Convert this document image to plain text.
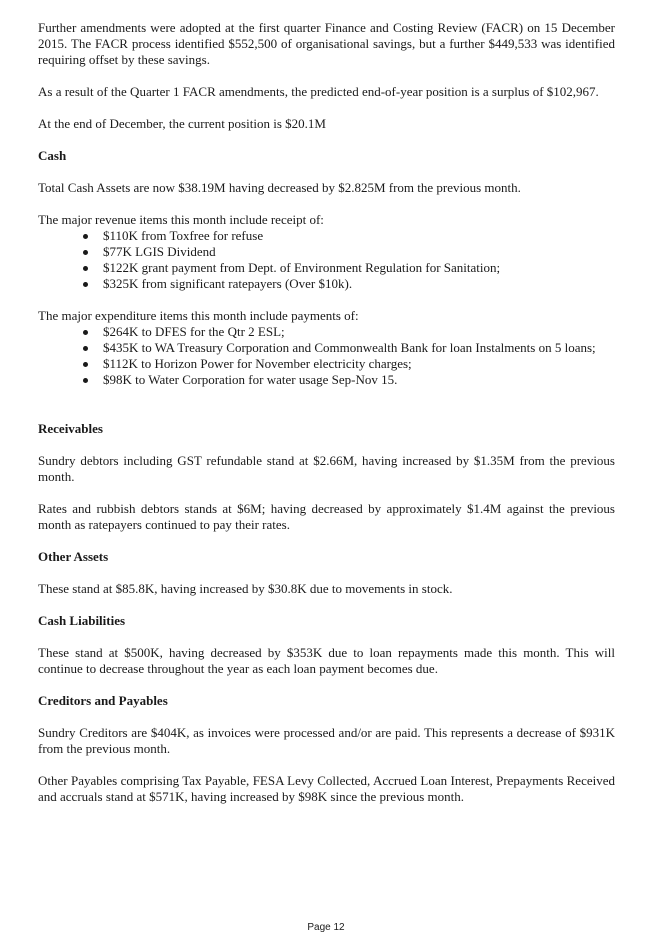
Further amendments were adopted at the first quarter Finance and Costing Review (FACR) on 15 December 2015. The FACR process identified $552,500 of organisational savings, but a further $449,533 was identified requiring offset by these savings.

As a result of the Quarter 1 FACR amendments, the predicted end-of-year position is a surplus of $102,967.

At the end of December, the current position is $20.1M

Cash

Total Cash Assets are now $38.19M having decreased by $2.825M from the previous month.

The major revenue items this month include receipt of:

$110K from Toxfree for refuse
$77K LGIS Dividend
$122K grant payment from Dept. of Environment Regulation for Sanitation;
$325K from significant ratepayers (Over $10k).

The major expenditure items this month include payments of:

$264K to DFES for the Qtr 2 ESL;
$435K to WA Treasury Corporation and Commonwealth Bank for loan Instalments on 5 loans;
$112K to Horizon Power for November electricity charges;
$98K to Water Corporation for water usage Sep-Nov 15.
Receivables

Sundry debtors including GST refundable stand at $2.66M, having increased by $1.35M from the previous month.

Rates and rubbish debtors stands at $6M; having decreased by approximately $1.4M against the previous month as ratepayers continued to pay their rates.

Other Assets

These stand at $85.8K, having increased by $30.8K due to movements in stock.

Cash Liabilities

These stand at $500K, having decreased by $353K due to loan repayments made this month. This will continue to decrease throughout the year as each loan payment becomes due.

Creditors and Payables

Sundry Creditors are $404K, as invoices were processed and/or are paid. This represents a decrease of $931K from the previous month.

Other Payables comprising Tax Payable, FESA Levy Collected, Accrued Loan Interest, Prepayments Received and accruals stand at $571K, having increased by $98K since the previous month.

Page 12
